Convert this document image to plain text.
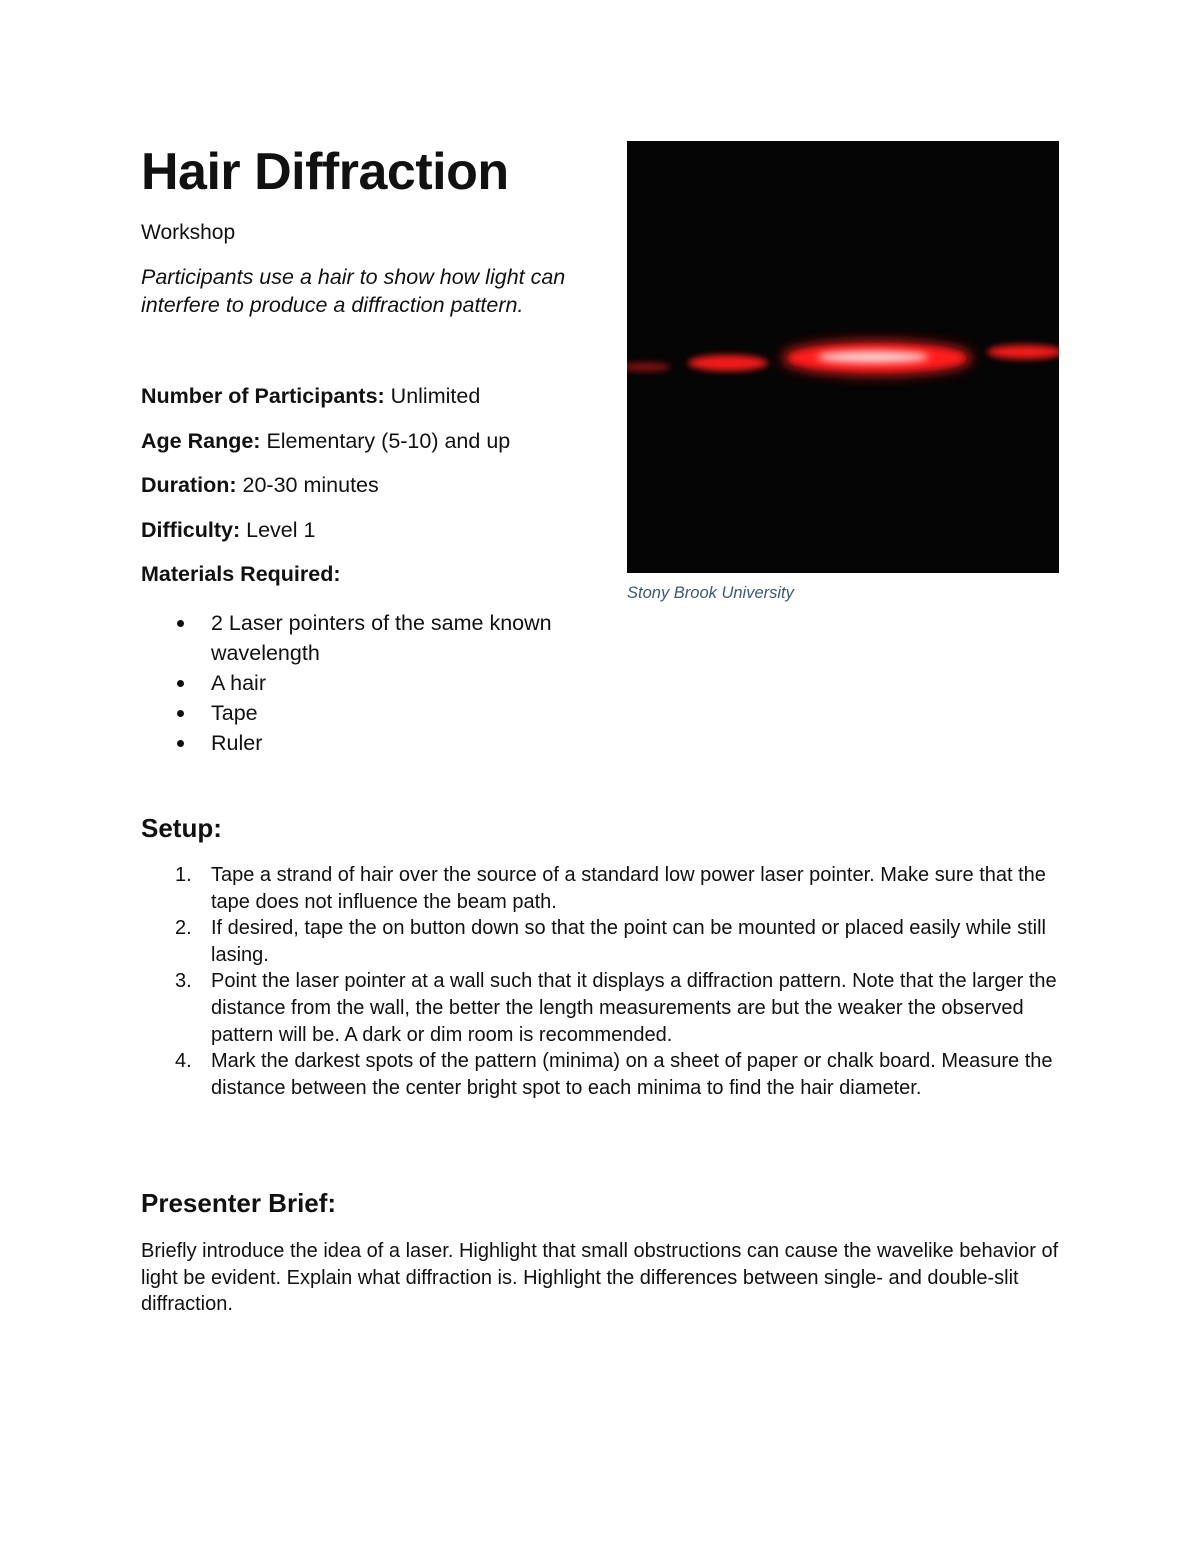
Hair Diffraction
Workshop
Participants use a hair to show how light can interfere to produce a diffraction pattern.
Number of Participants: Unlimited
Age Range: Elementary (5-10) and up
Duration: 20-30 minutes
Difficulty: Level 1
Materials Required:
2 Laser pointers of the same known wavelength
A hair
Tape
Ruler
Stony Brook University
Setup:
1. Tape a strand of hair over the source of a standard low power laser pointer. Make sure that the tape does not influence the beam path.
2. If desired, tape the on button down so that the point can be mounted or placed easily while still lasing.
3. Point the laser pointer at a wall such that it displays a diffraction pattern. Note that the larger the distance from the wall, the better the length measurements are but the weaker the observed pattern will be. A dark or dim room is recommended.
4. Mark the darkest spots of the pattern (minima) on a sheet of paper or chalk board. Measure the distance between the center bright spot to each minima to find the hair diameter.
Presenter Brief:
Briefly introduce the idea of a laser. Highlight that small obstructions can cause the wavelike behavior of light be evident. Explain what diffraction is. Highlight the differences between single- and double-slit diffraction.
